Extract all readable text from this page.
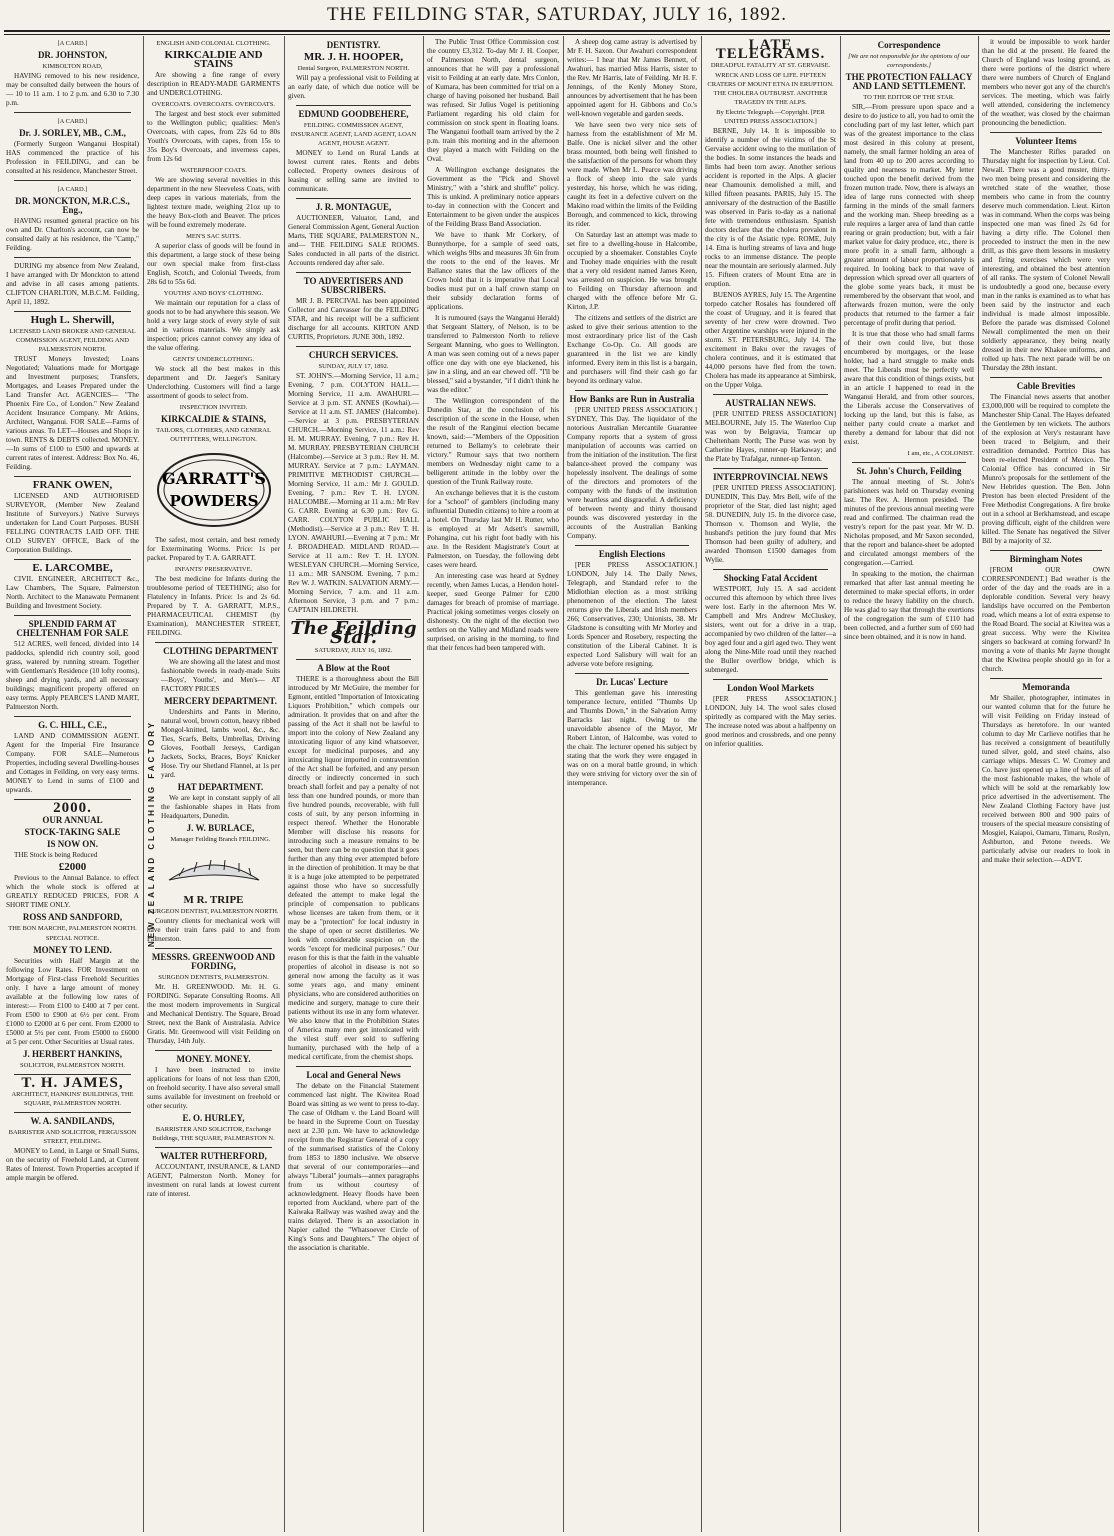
THE FEILDING STAR, SATURDAY, JULY 16, 1892.
[A CARD.]
DR. JOHNSTON,
KIMBOLTON ROAD,

HAVING removed to his new residence, may be consulted daily between the hours of— 10 to 11 a.m. 1 to 2 p.m. and 6.30 to 7.30 p.m.

[A CARD.]
Dr. J. SORLEY, MB., C.M.,

(Formerly Surgeon Wanganui Hospital) HAS commenced the practice of his Profession in FEILDING, and can be consulted at his residence, Manchester Street.

[A CARD.]
DR. MONCKTON, M.R.C.S., Eng.,

HAVING resumed general practice on his own and Dr. Charlton's account, can now be consulted daily at his residence, the "Camp," Feilding.

DURING my absence from New Zealand, I have arranged with Dr Monckton to attend and advise in all cases among patients. CLIFTON CHARLTON, M.B.C.M. Feilding, April 11, 1892.

Hugh L. Sherwill,
LICENSED LAND BROKER AND GENERAL COMMISSION AGENT, FEILDING AND PALMERSTON NORTH.

TRUST Moneys Invested; Loans Negotiated; Valuations made for Mortgage and Investment purposes; Transfers, Mortgages, and Leases Prepared under the Land Transfer Act. AGENCIES— "The Phoenix Fire Co., of London." New Zealand Accident Insurance Company. Mr Atkins, Architect, Wanganui. FOR SALE—Farms of various areas. To LET—Houses and Shops in town. RENTS & DEBTS collected. MONEY.—In sums of £100 to £500 and upwards at current rates of interest. Address: Box No. 46, Feilding.

FRANK OWEN,

LICENSED AND AUTHORISED SURVEYOR, (Member New Zealand Institute of Surveyors.) Native Surveys undertaken for Land Court Purposes. BUSH FELLING CONTRACTS LAID OFF. THE OLD SURVEY OFFICE, Back of the Corporation Buildings.

E. LARCOMBE,

CIVIL ENGINEER, ARCHITECT &c., Law Chambers, The Square, Palmerston North. Architect to the Manawatu Permanent Building and Investment Society.

SPLENDID FARM AT CHELTENHAM FOR SALE

512 ACRES, well fenced, divided into 14 paddocks, splendid rich country soil, good grass, watered by running stream. Together with Gentleman's Residence (10 lofty rooms), sheep and drying yards, and all necessary buildings; magnificent property offered on easy terms. Apply PEARCE'S LAND MART, Palmerston North.

G. C. HILL, C.E.,

LAND AND COMMISSION AGENT. Agent for the Imperial Fire Insurance Company. FOR SALE—Numerous Properties, including several Dwelling-houses and Cottages in Feilding, on very easy terms. MONEY to Lend in sums of £100 and upwards.

2000.
OUR ANNUAL
STOCK-TAKING SALE
IS NOW ON.

THE Stock is being Reduced

£2000

Previous to the Annual Balance. to effect which the whole stock is offered at GREATLY REDUCED PRICES, FOR A SHORT TIME ONLY.

ROSS AND SANDFORD,
THE BON MARCHE, PALMERSTON NORTH.
SPECIAL NOTICE.
MONEY TO LEND.

Securities with Half Margin at the following Low Rates. FOR Investment on Mortgage of First-class Freehold Securities only. I have a large amount of money available at the following low rates of interest:— From £100 to £400 at 7 per cent. From £500 to £900 at 6½ per cent. From £1000 to £2000 at 6 per cent. From £2000 to £5000 at 5½ per cent. From £5000 to £6000 at 5 per cent. Other Securities at Usual rates.

J. HERBERT HANKINS,
SOLICITOR, PALMERSTON NORTH.
T. H. JAMES,
ARCHITECT, HANKINS' BUILDINGS, THE SQUARE, PALMERSTON NORTH.
W. A. SANDILANDS,
BARRISTER AND SOLICITOR, FERGUSSON STREET, FEILDING.

MONEY to Lend, in Large or Small Sums, on the security of Freehold Land, at Current Rates of Interest. Town Properties accepted if ample margin be offered.

ENGLISH AND COLONIAL CLOTHING.
KIRKCALDIE AND STAINS

Are showing a fine range of every description in READY-MADE GARMENTS and UNDERCLOTHING.

OVERCOATS. OVERCOATS. OVERCOATS.

The largest and best stock ever submitted to the Wellington public; qualities: Men's Overcoats, with capes, from 22s 6d to 80s Youth's Overcoats, with capes, from 15s to 35s Boy's Overcoats, and inverness capes, from 12s 6d

WATERPROOF COATS.

We are showing several novelties in this department in the new Sleeveless Coats, with deep capes in various materials, from the lightest texture made, weighing 21oz up to the heavy Box-cloth and Beaver. The prices will be found extremely moderate.

MEN'S SAC SUITS.

A superior class of goods will be found in this department, a large stock of these being our own special make from first-class English, Scotch, and Colonial Tweeds, from 28s 6d to 55s 6d.

YOUTHS' AND BOYS' CLOTHING.

We maintain our reputation for a class of goods not to be had anywhere this season. We hold a very large stock of every style of suit and in various materials. We simply ask inspection; prices cannot convey any idea of the value offering.

GENTS' UNDERCLOTHING.

We stock all the best makes in this department and Dr. Jaeger's Sanitary Underclothing. Customers will find a large assortment of goods to select from.

INSPECTION INVITED.
KIRKCALDIE & STAINS,
TAILORS, CLOTHIERS, AND GENERAL OUTFITTERS, WELLINGTON.
GARRATT'S
POWDERS

The safest, most certain, and best remedy for Exterminating Worms. Price: 1s per packet. Prepared by T. A. GARRATT.

INFANTS' PRESERVATIVE.

The best medicine for Infants during the troublesome period of TEETHING; also for Flatulency in Infants. Price: 1s and 2s 6d. Prepared by T. A. GARRATT, M.P.S., PHARMACEUTICAL CHEMIST (by Examination), MANCHESTER STREET, FEILDING.

NEW ZEALAND CLOTHING FACTORY
CLOTHING DEPARTMENT

We are showing all the latest and most fashionable tweeds in ready-made Suits—Boys', Youths', and Men's— AT FACTORY PRICES

MERCERY DEPARTMENT.

Undershirts and Pants in Merino, natural wool, brown cotton, heavy ribbed Mongol-knitted, lambs wool, &c., &c. Ties, Scarfs, Belts, Umbrellas, Driving Gloves, Football Jerseys, Cardigan Jackets, Socks, Braces, Boys' Knicker Hose. Try our Shetland Flannel, at 1s per yard.

HAT DEPARTMENT.

We are kept in constant supply of all the fashionable shapes in Hats from Headquarters, Dunedin.

J. W. BURLACE,
Manager Feilding Branch FEILDING.
M R. TRIPE
SURGEON DENTIST, PALMERSTON NORTH.

Country clients for mechanical work will have their train fares paid to and from Palmerston.

MESSRS. GREENWOOD AND FORDING,
SURGEON DENTISTS, PALMERSTON.

Mr. H. GREENWOOD. Mr. H. G. FORDING. Separate Consulting Rooms. All the most modern improvements in Surgical and Mechanical Dentistry. The Square, Broad Street, next the Bank of Australasia. Advice Gratis. Mr. Greenwood will visit Feilding on Thursday, 14th July.

MONEY. MONEY.

I have been instructed to invite applications for loans of not less than £200, on freehold security. I have also several small sums available for investment on freehold or other security.

E. O. HURLEY,
BARRISTER AND SOLICITOR, Exchange Buildings, THE SQUARE, PALMERSTON N.
WALTER RUTHERFORD,

ACCOUNTANT, INSURANCE, & LAND AGENT, Palmerston North. Money for investment on rural lands at lowest current rate of interest.

DENTISTRY.
MR. J. H. HOOPER,
Dental Surgeon, PALMERSTON NORTH.

Will pay a professional visit to Feilding at an early date, of which due notice will be given.

EDMUND GOODBEHERE,
FEILDING. COMMISSION AGENT, INSURANCE AGENT, LAND AGENT, LOAN AGENT, HOUSE AGENT.

MONEY to Lend on Rural Lands at lowest current rates. Rents and debts collected. Property owners desirous of leasing or selling same are invited to communicate.

J. R. MONTAGUE,

AUCTIONEER, Valuator, Land, and General Commission Agent, General Auction Marts, THE SQUARE, PALMERSTON N., and— THE FEILDING SALE ROOMS. Sales conducted in all parts of the district. Accounts rendered day after sale.

TO ADVERTISERS AND SUBSCRIBERS.

MR J. B. PERCIVAL has been appointed Collector and Canvasser for the FEILDING STAR, and his receipt will be a sufficient discharge for all accounts. KIRTON AND CURTIS, Proprietors. JUNE 30th, 1892.

CHURCH SERVICES.
SUNDAY, JULY 17, 1892.

ST. JOHN'S.—Morning Service, 11 a.m.; Evening, 7 p.m. COLYTON HALL.—Morning Service, 11 a.m. AWAHURI.—Service at 3 p.m. ST. ANNES (Kowhai).—Service at 11 a.m. ST. JAMES' (Halcombe).—Service at 3 p.m. PRESBYTERIAN CHURCH.—Morning Service, 11 a.m.: Rev H. M. MURRAY. Evening, 7 p.m.: Rev H. M. MURRAY. PRESBYTERIAN CHURCH (Halcombe).—Service at 3 p.m.: Rev H. M. MURRAY. Service at 7 p.m.: LAYMAN. PRIMITIVE METHODIST CHURCH.—Morning Service, 11 a.m.: Mr J. GOULD. Evening, 7 p.m.: Rev T. H. LYON. HALCOMBE.—Morning at 11 a.m.: Mr Rev G. CARR. Evening at 6.30 p.m.: Rev G. CARR. COLYTON PUBLIC HALL (Methodist).—Service at 3 p.m.: Rev T. H. LYON. AWAHURI.—Evening at 7 p.m.: Mr J. BROADHEAD. MIDLAND ROAD.—Service at 11 a.m.: Rev T. H. LYON. WESLEYAN CHURCH.—Morning Service, 11 a.m.: MR SANSOM. Evening, 7 p.m.: Rev W. J. WATKIN. SALVATION ARMY.—Morning Service, 7 a.m. and 11 a.m. Afternoon Service, 3 p.m. and 7 p.m.: CAPTAIN HILDRETH.

The Feilding Star.
SATURDAY, JULY 16, 1892.
A Blow at the Root

THERE is a thoroughness about the Bill introduced by Mr McGuire, the member for Egmont, entitled "Importation of Intoxicating Liquors Prohibition," which compels our admiration. It provides that on and after the passing of the Act it shall not be lawful to import into the colony of New Zealand any intoxicating liquor of any kind whatsoever, except for medicinal purposes, and any intoxicating liquor imported in contravention of the Act shall be forfeited, and any person directly or indirectly concerned in such breach shall forfeit and pay a penalty of not less than one hundred pounds, or more than five hundred pounds, recoverable, with full costs of suit, by any person informing in respect thereof. Whether the Honorable Member will disclose his reasons for introducing such a measure remains to be seen, but there can be no question that it goes further than any thing ever attempted before in the direction of prohibition. It may be that it is a huge joke attempted to be perpetrated against those who have so successfully defeated the attempt to make legal the principle of compensation to publicans whose licenses are taken from them, or it may be a "protection" for local industry in the shape of open or secret distilleries. We look with considerable suspicion on the words "except for medicinal purposes." Our reason for this is that the faith in the valuable properties of alcohol in disease is not so general now among the faculty as it was some years ago, and many eminent physicians, who are considered authorities on medicine and surgery, manage to cure their patients without its use in any form whatever. We also know that in the Prohibition States of America many men get intoxicated with the vilest stuff ever sold to suffering humanity, purchased with the help of a medical certificate, from the chemist shops.

Local and General News

The debate on the Financial Statement commenced last night. The Kiwitea Road Board was sitting as we went to press to-day. The case of Oldham v. the Land Board will be heard in the Supreme Court on Tuesday next at 2.30 p.m. We have to acknowledge receipt from the Registrar General of a copy of the summarised statistics of the Colony from 1853 to 1890 inclusive. We observe that several of our contemporaries—and always "Liberal" journals—annex paragraphs from us without courtesy of acknowledgment. Heavy floods have been reported from Auckland, where part of the Kaiwaka Railway was washed away and the trains delayed. There is an association in Napier called the "Whatsoever Circle of King's Sons and Daughters." The object of the association is charitable.

The Public Trust Office Commission cost the country £3,312. To-day Mr J. H. Cooper, of Palmerston North, dental surgeon, announces that he will pay a professional visit to Feilding at an early date. Mrs Conlon, of Kumara, has been committed for trial on a charge of having poisoned her husband. Bail was refused. Sir Julius Vogel is petitioning Parliament regarding his old claim for commission on stock spent in floating loans. The Wanganui football team arrived by the 2 p.m. train this morning and in the afternoon they played a match with Feilding on the Oval.

A Wellington exchange designates the Government as the "Pick and Shovel Ministry," with a "shirk and shuffle" policy. This is unkind. A preliminary notice appears to-day in connection with the Concert and Entertainment to be given under the auspices of the Feilding Brass Band Association.

We have to thank Mr Corkery, of Bunnythorpe, for a sample of seed oats, which weighs 9lbs and measures 3ft 6in from the roots to the end of the leaves. Mr Ballance states that the law officers of the Crown hold that it is imperative that Local bodies must put on a half crown stamp on their subsidy declaration forms of applications.

It is rumoured (says the Wanganui Herald) that Sergeant Slattery, of Nelson, is to be transferred to Palmerston North to relieve Sergeant Manning, who goes to Wellington. A man was seen coming out of a news paper office one day with one eye blackened, his jaw in a sling, and an ear chewed off. "I'll be blessed," said a bystander, "if I didn't think he was the editor."

The Wellington correspondent of the Dunedin Star, at the conclusion of his description of the scene in the House, when the result of the Ranginui election became known, said:—"Members of the Opposition returned to Bellamy's to celebrate their victory." Rumour says that two northern members on Wednesday night came to a belligerent attitude in the lobby over the question of the Trunk Railway route.

An exchange believes that it is the custom for a "school" of gamblers (including many influential Dunedin citizens) to hire a room at a hotel. On Thursday last Mr H. Rutter, who is employed at Mr Adsett's sawmill, Pohangina, cut his right foot badly with his axe. In the Resident Magistrate's Court at Palmerston, on Tuesday, the following debt cases were heard.

An interesting case was heard at Sydney recently, when James Lucas, a Hendon hotel-keeper, sued George Palmer for £200 damages for breach of promise of marriage. Practical joking sometimes verges closely on dishonesty. On the night of the election two settlers on the Valley and Midland roads were surprised, on arising in the morning, to find that their fences had been tampered with.

A sheep dog came astray is advertised by Mr F. H. Saxon. Our Awahuri correspondent writes:— I hear that Mr James Bennett, of Awahuri, has married Miss Harris, sister to the Rev. Mr Harris, late of Feilding. Mr H. F. Jennings, of the Kenly Money Store, announces by advertisement that he has been appointed agent for H. Gibbons and Co.'s well-known vegetable and garden seeds.

We have seen two very nice sets of harness from the establishment of Mr M. Balfe. One is nickel silver and the other brass mounted, both being well finished to the satisfaction of the persons for whom they were made. When Mr L. Pearce was driving a flock of sheep into the sale yards yesterday, his horse, which he was riding, caught its feet in a defective culvert on the Makino road within the limits of the Feilding Borough, and commenced to kick, throwing its rider.

On Saturday last an attempt was made to set fire to a dwelling-house in Halcombe, occupied by a shoemaker. Constables Coyle and Tuohey made enquiries with the result that a very old resident named James Keen, was arrested on suspicion. He was brought to Feilding on Thursday afternoon and charged with the offence before Mr G. Kirton, J.P.

The citizens and settlers of the district are asked to give their serious attention to the most extraordinary price list of the Cash Exchange Co-Op. Co. All goods are guaranteed in the list we are kindly informed. Every item in this list is a bargain, and purchasers will find their cash go far beyond its ordinary value.

How Banks are Run in Australia

[PER UNITED PRESS ASSOCIATION.] SYDNEY, This Day. The liquidator of the notorious Australian Mercantile Guarantee Company reports that a system of gross manipulation of accounts was carried on from the initiation of the institution. The first balance-sheet proved the company was hopelessly insolvent. The dealings of some of the directors and promoters of the company with the funds of the institution were heartless and disgraceful. A deficiency of between twenty and thirty thousand pounds was discovered yesterday in the accounts of the Australian Banking Company.

English Elections

[PER PRESS ASSOCIATION.] LONDON, July 14. The Daily News, Telegraph, and Standard refer to the Midlothian election as a most striking phenomenon of the election. The latest returns give the Liberals and Irish members 266; Conservatives, 230; Unionists, 38. Mr Gladstone is consulting with Mr Morley and Lords Spencer and Rosebery, respecting the constitution of the Liberal Cabinet. It is expected Lord Salisbury will wait for an adverse vote before resigning.

Dr. Lucas' Lecture

This gentleman gave his interesting temperance lecture, entitled "Thumbs Up and Thumbs Down," in the Salvation Army Barracks last night. Owing to the unavoidable absence of the Mayor, Mr Robert Linton, of Halcombe, was voted to the chair. The lecturer opened his subject by stating that the work they were engaged in was on on a moral battle ground, in which they were striving for victory over the sin of intemperance.

LATE TELEGRAMS.
DREADFUL FATALITY AT ST. GERVAISE.
WRECK AND LOSS OF LIFE. FIFTEEN CRATERS OF MOUNT ETNA IN ERUPTION. THE CHOLERA OUTBURST. ANOTHER TRAGEDY IN THE ALPS.
By Electric Telegraph.—Copyright. [PER UNITED PRESS ASSOCIATION.]

BERNE, July 14. It is impossible to identify a number of the victims of the St Gervaise accident owing to the mutilation of the bodies. In some instances the heads and limbs had been torn away. Another serious accident is reported in the Alps. A glacier near Chamounix demolished a mill, and killed fifteen peasants. PARIS, July 15. The anniversary of the destruction of the Bastille was observed in Paris to-day as a national fete with tremendous enthusiasm. Spanish doctors declare that the cholera prevalent in the city is of the Asiatic type. ROME, July 14. Etna is hurling streams of lava and huge rocks to an immense distance. The people near the mountain are seriously alarmed. July 15. Fifteen craters of Mount Etna are in eruption.

BUENOS AYRES, July 15. The Argentine torpedo catcher Rosales has foundered off the coast of Uruguay, and it is feared that seventy of her crew were drowned. Two other Argentine warships were injured in the storm. ST. PETERSBURG, July 14. The excitement in Baku over the ravages of cholera continues, and it is estimated that 44,000 persons have fled from the town. Cholera has made its appearance at Simbirsk, on the Upper Volga.

AUSTRALIAN NEWS.

[PER UNITED PRESS ASSOCIATION] MELBOURNE, July 15. The Waterloo Cup was won by Belgravia, Tramcar up Cheltenham North; The Purse was won by Catherine Hayes, runner-up Harkaway; and the Plate by Trafalgar, runner-up Tenton.

INTERPROVINCIAL NEWS

[PER UNITED PRESS ASSOCIATION]. DUNEDIN, This Day. Mrs Bell, wife of the proprietor of the Star, died last night; aged 58. DUNEDIN, July 15. In the divorce case, Thomson v. Thomson and Wylie, the husband's petition the jury found that Mrs Thomson had been guilty of adultery, and awarded Thomson £1500 damages from Wylie.

Shocking Fatal Accident

WESTPORT, July 15. A sad accident occurred this afternoon by which three lives were lost. Early in the afternoon Mrs W. Campbell and Mrs Andrew McCluskey, sisters, went out for a drive in a trap, accompanied by two children of the latter—a boy aged four and a girl aged two. They went along the Nine-Mile road until they reached the Buller overflow bridge, which is submerged.

London Wool Markets

[PER PRESS ASSOCIATION.] LONDON, July 14. The wool sales closed spiritedly as compared with the May series. The increase noted was about a halfpenny on good merinos and crossbreds, and one penny on inferior qualities.

Correspondence
[We are not responsible for the opinions of our correspondents.]
THE PROTECTION FALLACY AND LAND SETTLEMENT.
TO THE EDITOR OF THE STAR.

SIR,—From pressure upon space and a desire to do justice to all, you had to omit the concluding part of my last letter, which part was of the greatest importance to the class most desired in this colony at present, namely, the small farmer holding an area of land from 40 up to 200 acres according to quality and nearness to market. My letter touched upon the benefit derived from the frozen mutton trade. Now, there is always an idea of large runs connected with sheep farming in the minds of the small farmers and the working man. Sheep breeding as a rule requires a larger area of land than cattle rearing or grain production; but, with a fair market value for dairy produce, etc., there is more profit in a small farm, although a greater amount of labour proportionately is required. In looking back to that wave of depression which spread over all quarters of the globe some years back, it must be remembered by the observant that wool, and afterwards frozen mutton, were the only products that returned to the farmer a fair percentage of profit during that period.

It is true that those who had small farms of their own could live, but those encumbered by mortgages, or the lease holder, had a hard struggle to make ends meet. The Liberals must be perfectly well aware that this condition of things exists, but in an article I happened to read in the Wanganui Herald, and from other sources, the Liberals accuse the Conservatives of locking up the land, but this is false, as neither party could create a market and thereby a demand for labour that did not exist.

I am, etc., A COLONIST.
St. John's Church, Feilding

The annual meeting of St. John's parishioners was held on Thursday evening last. The Rev. A. Hermon presided. The minutes of the previous annual meeting were read and confirmed. The chairman read the vestry's report for the past year. Mr W. D. Nicholas proposed, and Mr Saxon seconded, that the report and balance-sheet be adopted and circulated amongst members of the congregation.—Carried.

In speaking to the motion, the chairman remarked that after last annual meeting he determined to make special efforts, in order to reduce the heavy liability on the church. He was glad to say that through the exertions of the congregation the sum of £110 had been collected, and a further sum of £60 had since been obtained, and it is now in hand.

it would be impossible to work harder than he did at the present. He feared the Church of England was losing ground, as there were portions of the district where there were numbers of Church of England members who never got any of the church's services. The meeting, which was fairly well attended, considering the inclemency of the weather, was closed by the chairman pronouncing the benediction.

Volunteer Items

The Manchester Rifles paraded on Thursday night for inspection by Lieut. Col. Newall. There was a good muster, thirty-two men being present and considering the wretched state of the weather, those members who came in from the country deserve much commendation. Lieut. Kirton was in command. When the corps was being inspected one man was fined 2s 6d for having a dirty rifle. The Colonel then proceeded to instruct the men in the new drill, as this gave them lessons in musketry and firing exercises which were very interesting, and obtained the best attention of all ranks. The system of Colonel Newall is undoubtedly a good one, because every man in the ranks is examined as to what has been said by the instructor and each individual is made almost impossible. Before the parade was dismissed Colonel Newall complimented the men on their soldierly appearance, they being neatly dressed in their new Khakee uniforms, and rolled up hats. The next parade will be on Thursday the 28th instant.

Cable Brevities

The Financial news asserts that another £3,000,000 will be required to complete the Manchester Ship Canal. The Hayes defeated the Gentlemen by ten wickets. The authors of the explosion at Very's restaurant have been traced to Belgium, and their extradition demanded. Portrico Dias has been re-elected President of Mexico. The Colonial Office has concurred in Sir Munro's proposals for the settlement of the New Hebrides question. The Ben. John Preston has been elected President of the Free Methodist Congregations. A fire broke out in a school at Berkhamstead, and escape proving difficult, eight of the children were killed. The Senate has negatived the Silver Bill by a majority of 32.

Birmingham Notes

[FROM OUR OWN CORRESPONDENT.] Bad weather is the order of the day and the roads are in a deplorable condition. Several very heavy landslips have occurred on the Pemberton road, which means a lot of extra expense to the Road Board. The social at Kiwitea was a great success. Why were the Kiwitea singers so backward at coming forward? In moving a vote of thanks Mr Jayne thought that the Kiwitea people should go in for a church.

Memoranda

Mr Shailer, photographer, intimates in our wanted column that for the future he will visit Feilding on Friday instead of Thursdays as heretofore. In our wanted column to day Mr Carlieve notifies that he has received a consignment of beautifully tuned silver, gold, and steel chains, also carriage whips. Messrs C. W. Cromey and Co. have just opened up a line of hats of all the most fashionable makes, the whole of which will be sold at the remarkably low price advertised in the advertisement. The New Zealand Clothing Factory have just received between 800 and 900 pairs of trousers of the special measure consisting of Mosgiel, Kaiapoi, Oamaru, Timaru, Roslyn, Ashburton, and Petone tweeds. We particularly advise our readers to look in and make their selection.—ADVT.
